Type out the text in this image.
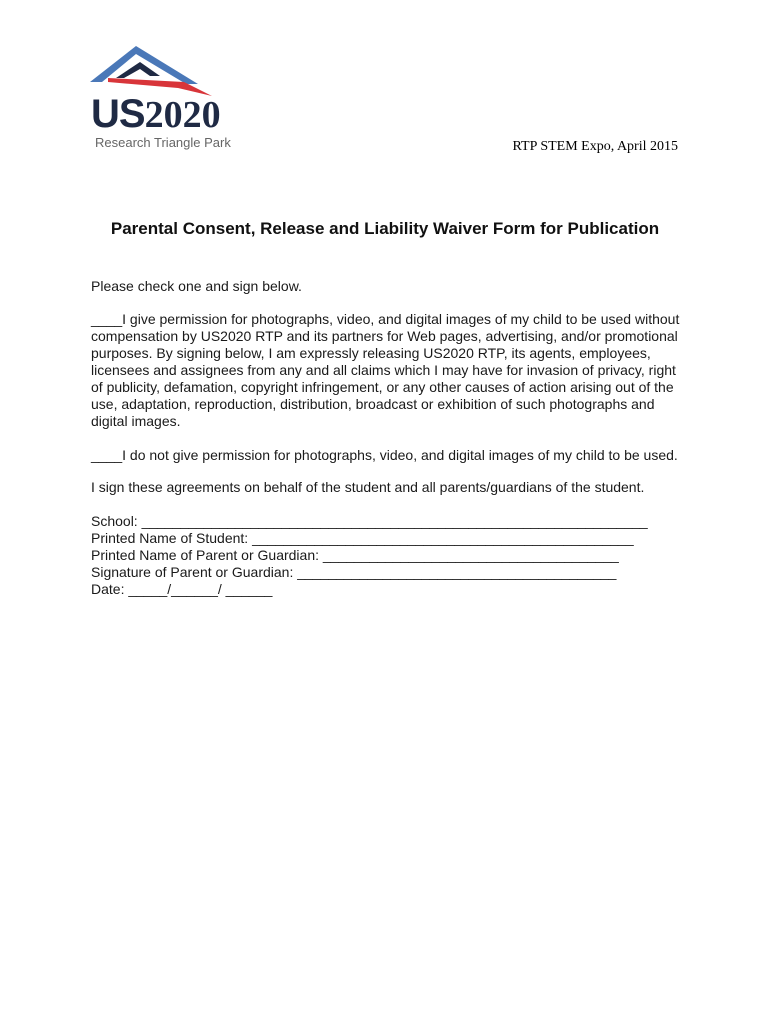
US2020
Research Triangle Park	RTP STEM Expo, April 2015
Parental Consent, Release and Liability Waiver Form for Publication

Please check one and sign below.

____I give permission for photographs, video, and digital images of my child to be used without compensation by US2020 RTP and its partners for Web pages, advertising, and/or promotional purposes. By signing below, I am expressly releasing US2020 RTP, its agents, employees, licensees and assignees from any and all claims which I may have for invasion of privacy, right of publicity, defamation, copyright infringement, or any other causes of action arising out of the use, adaptation, reproduction, distribution, broadcast or exhibition of such photographs and digital images.

____I do not give permission for photographs, video, and digital images of my child to be used.

I sign these agreements on behalf of the student and all parents/guardians of the student.

School: _________________________________________________________________

Printed Name of Student: _________________________________________________

Printed Name of Parent or Guardian: ______________________________________

Signature of Parent or Guardian: _________________________________________

Date: _____/______/ ______
